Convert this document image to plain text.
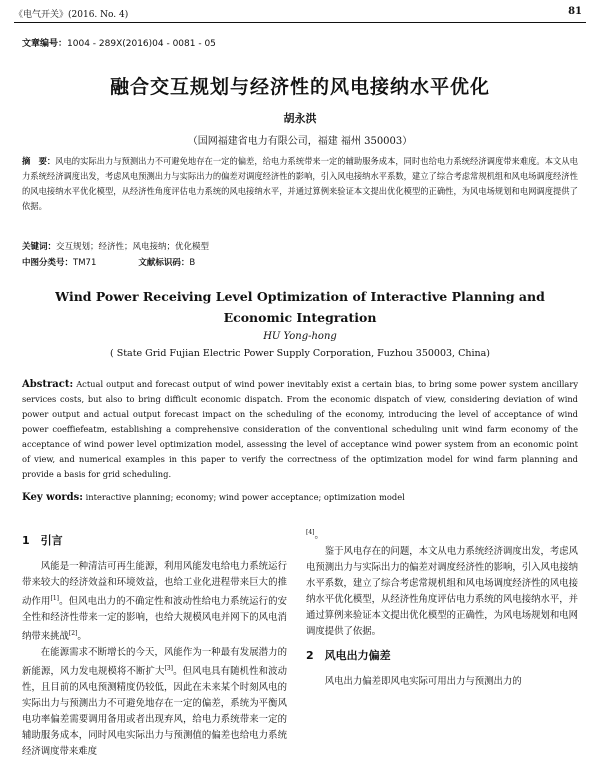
《电气开关》(2016. No. 4)	81
文章编号：1004 - 289X(2016)04 - 0081 - 05
融合交互规划与经济性的风电接纳水平优化
胡永洪
（国网福建省电力有限公司，福建 福州 350003）
摘　要：风电的实际出力与预测出力不可避免地存在一定的偏差，给电力系统带来一定的辅助服务成本，同时也给电力系统经济调度带来难度。本文从电力系统经济调度出发，考虑风电预测出力与实际出力的偏差对调度经济性的影响，引入风电接纳水平系数，建立了综合考虑常规机组和风电场调度经济性的风电接纳水平优化模型，从经济性角度评估电力系统的风电接纳水平，并通过算例来验证本文提出优化模型的正确性，为风电场规划和电网调度提供了依据。
关键词：交互规划；经济性；风电接纳；优化模型
中图分类号：TM71	文献标识码：B
Wind Power Receiving Level Optimization of Interactive Planning and Economic Integration
HU Yong-hong
( State Grid Fujian Electric Power Supply Corporation, Fuzhou 350003, China)
Abstract: Actual output and forecast output of wind power inevitably exist a certain bias, to bring some power system ancillary services costs, but also to bring difficult economic dispatch. From the economic dispatch of view, considering deviation of wind power output and actual output forecast impact on the scheduling of the economy, introducing the level of acceptance of wind power coeffiefeatm, establishing a comprehensive consideration of the conventional scheduling unit wind farm economy of the acceptance of wind power level optimization model, assessing the level of acceptance wind power system from an economic point of view, and numerical examples in this paper to verify the correctness of the optimization model for wind farm planning and provide a basis for grid scheduling.
Key words: interactive planning; economy; wind power acceptance; optimization model
1　引言

风能是一种清洁可再生能源，利用风能发电给电力系统运行带来较大的经济效益和环境效益，也给工业化进程带来巨大的推动作用[1]。但风电出力的不确定性和波动性给电力系统运行的安全性和经济性带来一定的影响，也给大规模风电并网下的风电消纳带来挑战[2]。

在能源需求不断增长的今天，风能作为一种最有发展潜力的新能源，风力发电规模将不断扩大[3]。但风电具有随机性和波动性，且目前的风电预测精度仍较低，因此在未来某个时刻风电的实际出力与预测出力不可避免地存在一定的偏差，系统为平衡风电功率偏差需要调用备用或者出现弃风，给电力系统带来一定的辅助服务成本，同时风电实际出力与预测值的偏差也给电力系统经济调度带来难度

[4]。

鉴于风电存在的问题，本文从电力系统经济调度出发，考虑风电预测出力与实际出力的偏差对调度经济性的影响，引入风电接纳水平系数，建立了综合考虑常规机组和风电场调度经济性的风电接纳水平优化模型，从经济性角度评估电力系统的风电接纳水平，并通过算例来验证本文提出优化模型的正确性，为风电场规划和电网调度提供了依据。

2　风电出力偏差

风电出力偏差即风电实际可用出力与预测出力的
